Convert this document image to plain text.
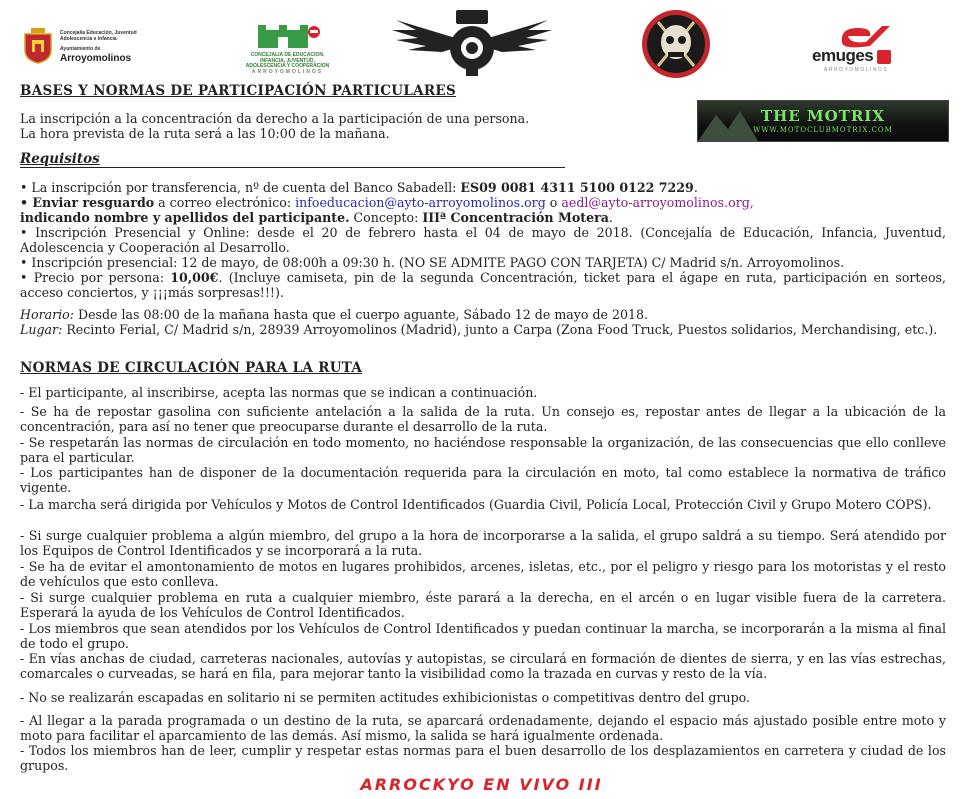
Concejalía Educación, Juventud
Adolescencia e Infancia
Ayuntamiento de
Arroyomolinos	CONCEJALIA DE EDUCACION,
INFANCIA, JUVENTUD,
ADOLESCENCIA Y COOPERACION
ARROYOMOLINOS
emuges
ARROYOMOLINOS
THE MOTRIX
WWW.MOTOCLUBMOTRIX.COM
BASES Y NORMAS DE PARTICIPACIÓN PARTICULARES
La inscripción a la concentración da derecho a la participación de una persona.
La hora prevista de la ruta será a las 10:00 de la mañana.
Requisitos
• La inscripción por transferencia, nº de cuenta del Banco Sabadell: ES09 0081 4311 5100 0122 7229.
• Enviar resguardo a correo electrónico: infoeducacion@ayto-arroyomolinos.org o aedl@ayto-arroyomolinos.org,
indicando nombre y apellidos del participante. Concepto: IIIª Concentración Motera.
• Inscripción Presencial y Online: desde el 20 de febrero hasta el 04 de mayo de 2018. (Concejalía de Educación, Infancia, Juventud, Adolescencia y Cooperación al Desarrollo.
• Inscripción presencial: 12 de mayo, de 08:00h a 09:30 h. (NO SE ADMITE PAGO CON TARJETA) C/ Madrid s/n. Arroyomolinos.
• Precio por persona: 10,00€. (Incluye camiseta, pin de la segunda Concentración, ticket para el ágape en ruta, participación en sorteos, acceso conciertos, y ¡¡¡más sorpresas!!!).
Horario: Desde las 08:00 de la mañana hasta que el cuerpo aguante, Sábado 12 de mayo de 2018.
Lugar: Recinto Ferial, C/ Madrid s/n, 28939 Arroyomolinos (Madrid), junto a Carpa (Zona Food Truck, Puestos solidarios, Merchandising, etc.).
NORMAS DE CIRCULACIÓN PARA LA RUTA
- El participante, al inscribirse, acepta las normas que se indican a continuación.
- Se ha de repostar gasolina con suficiente antelación a la salida de la ruta. Un consejo es, repostar antes de llegar a la ubicación de la concentración, para así no tener que preocuparse durante el desarrollo de la ruta.
- Se respetarán las normas de circulación en todo momento, no haciéndose responsable la organización, de las consecuencias que ello conlleve para el particular.
- Los participantes han de disponer de la documentación requerida para la circulación en moto, tal como establece la normativa de tráfico vigente.
- La marcha será dirigida por Vehículos y Motos de Control Identificados (Guardia Civil, Policía Local, Protección Civil y Grupo Motero COPS).
- Si surge cualquier problema a algún miembro, del grupo a la hora de incorporarse a la salida, el grupo saldrá a su tiempo. Será atendido por los Equipos de Control Identificados y se incorporará a la ruta.
- Se ha de evitar el amontonamiento de motos en lugares prohibidos, arcenes, isletas, etc., por el peligro y riesgo para los motoristas y el resto de vehículos que esto conlleva.
- Si surge cualquier problema en ruta a cualquier miembro, éste parará a la derecha, en el arcén o en lugar visible fuera de la carretera. Esperará la ayuda de los Vehículos de Control Identificados.
- Los miembros que sean atendidos por los Vehículos de Control Identificados y puedan continuar la marcha, se incorporarán a la misma al final de todo el grupo.
- En vías anchas de ciudad, carreteras nacionales, autovías y autopistas, se circulará en formación de dientes de sierra, y en las vías estrechas, comarcales o curveadas, se hará en fila, para mejorar tanto la visibilidad como la trazada en curvas y resto de la vía.
- No se realizarán escapadas en solitario ni se permiten actitudes exhibicionistas o competitivas dentro del grupo.
- Al llegar a la parada programada o un destino de la ruta, se aparcará ordenadamente, dejando el espacio más ajustado posible entre moto y moto para facilitar el aparcamiento de las demás. Así mismo, la salida se hará igualmente ordenada.
- Todos los miembros han de leer, cumplir y respetar estas normas para el buen desarrollo de los desplazamientos en carretera y ciudad de los grupos.
ARROCKYO EN VIVO III
